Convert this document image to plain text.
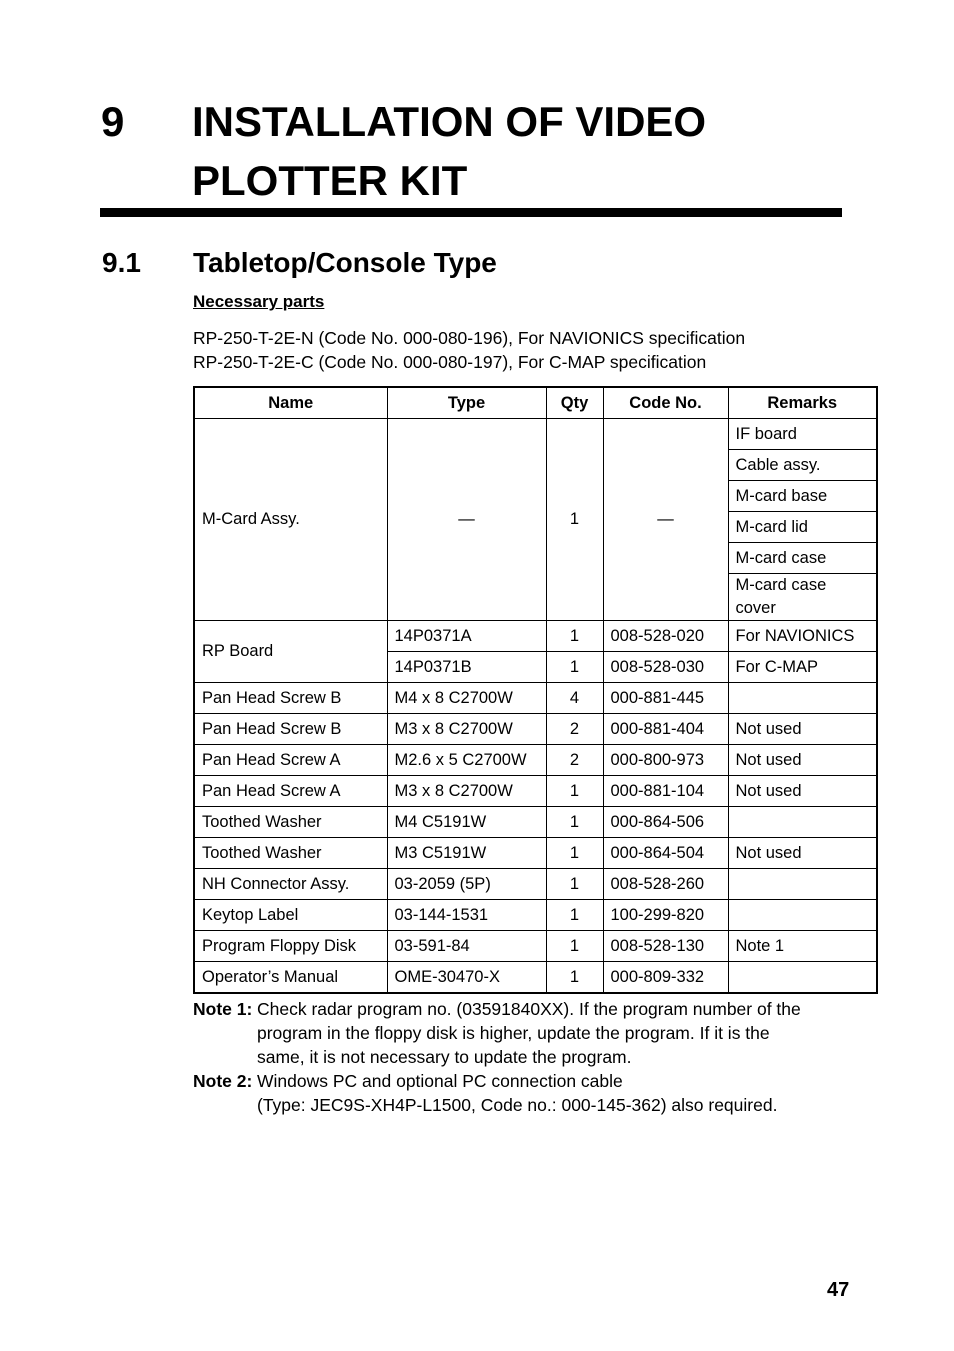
9 INSTALLATION OF VIDEO PLOTTER KIT
9.1 Tabletop/Console Type
Necessary parts
RP-250-T-2E-N (Code No. 000-080-196), For NAVIONICS specification
RP-250-T-2E-C (Code No. 000-080-197), For C-MAP specification
Name	Type	Qty	Code No.	Remarks
M-Card Assy.	—	1	—	IF board
				Cable assy.
				M-card base
				M-card lid
				M-card case
				M-card case cover
RP Board	14P0371A	1	008-528-020	For NAVIONICS
	14P0371B	1	008-528-030	For C-MAP
Pan Head Screw B	M4 x 8 C2700W	4	000-881-445	
Pan Head Screw B	M3 x 8 C2700W	2	000-881-404	Not used
Pan Head Screw A	M2.6 x 5 C2700W	2	000-800-973	Not used
Pan Head Screw A	M3 x 8 C2700W	1	000-881-104	Not used
Toothed Washer	M4 C5191W	1	000-864-506	
Toothed Washer	M3 C5191W	1	000-864-504	Not used
NH Connector Assy.	03-2059 (5P)	1	008-528-260	
Keytop Label	03-144-1531	1	100-299-820	
Program Floppy Disk	03-591-84	1	008-528-130	Note 1
Operator’s Manual	OME-30470-X	1	000-809-332	
Note 1: Check radar program no. (03591840XX). If the program number of the
program in the floppy disk is higher, update the program. If it is the
same, it is not necessary to update the program.
Note 2: Windows PC and optional PC connection cable
(Type: JEC9S-XH4P-L1500, Code no.: 000-145-362) also required.
47
